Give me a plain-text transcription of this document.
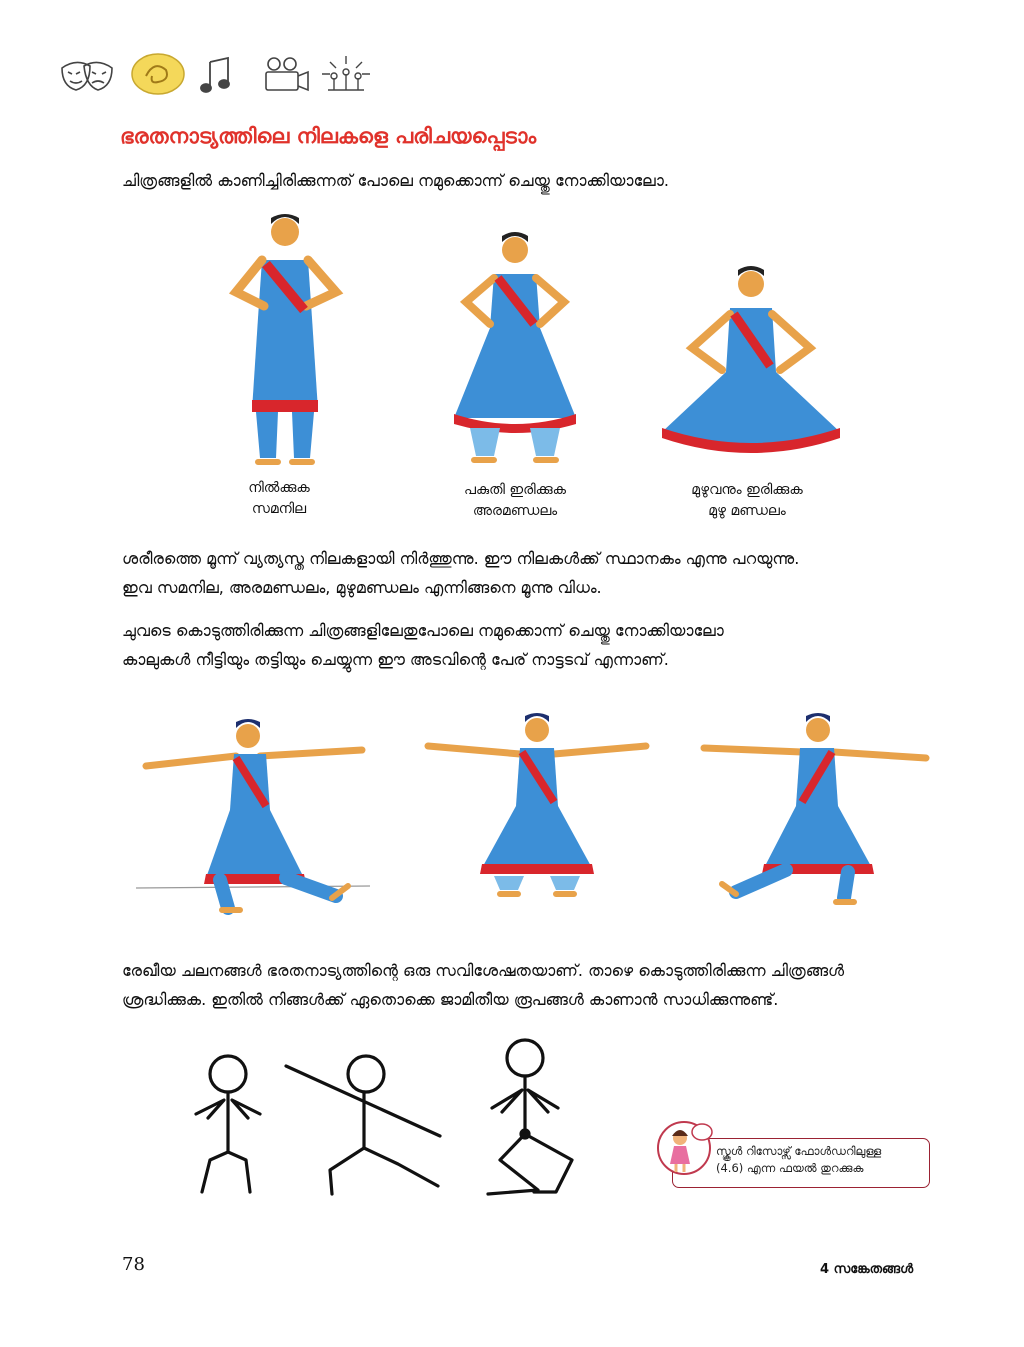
ഭരതനാട്യത്തിലെ നിലകളെ പരിചയപ്പെടാം
ചിത്രങ്ങളിൽ കാണിച്ചിരിക്കുന്നത് പോലെ നമുക്കൊന്ന് ചെയ്തു നോക്കിയാലോ.
നിൽക്കുക
സമനില
പകുതി ഇരിക്കുക
അരമണ്ഡലം
മുഴുവനും ഇരിക്കുക
മുഴു മണ്ഡലം
ശരീരത്തെ മൂന്ന് വ്യത്യസ്ത നിലകളായി നിർത്തുന്നു. ഈ നിലകൾക്ക് സ്ഥാനകം എന്നു പറയുന്നു.
ഇവ സമനില, അരമണ്ഡലം, മുഴുമണ്ഡലം എന്നിങ്ങനെ മൂന്നു വിധം.
ചുവടെ കൊടുത്തിരിക്കുന്ന ചിത്രങ്ങളിലേതുപോലെ നമുക്കൊന്ന് ചെയ്തു നോക്കിയാലോ
കാലുകൾ നീട്ടിയും തട്ടിയും ചെയ്യുന്ന ഈ അടവിന്റെ പേര് നാട്ടടവ് എന്നാണ്.
രേഖീയ ചലനങ്ങൾ ഭരതനാട്യത്തിന്റെ ഒരു സവിശേഷതയാണ്. താഴെ കൊടുത്തിരിക്കുന്ന ചിത്രങ്ങൾ
ശ്രദ്ധിക്കുക. ഇതിൽ നിങ്ങൾക്ക് ഏതൊക്കെ ജാമിതീയ രൂപങ്ങൾ കാണാൻ സാധിക്കുന്നുണ്ട്.
സ്കൂൾ റിസോഴ്സ് ഫോൾഡറിലുള്ള
(4.6) എന്ന ഫയൽ തുറക്കുക
78	4 സങ്കേതങ്ങൾ
